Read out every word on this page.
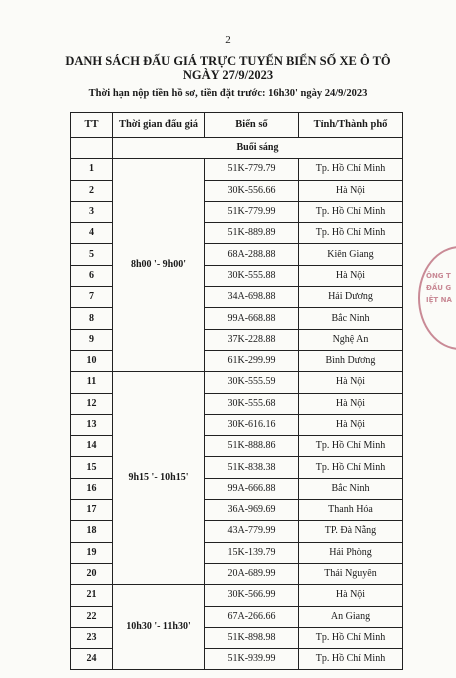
2
DANH SÁCH ĐẤU GIÁ TRỰC TUYẾN BIỂN SỐ XE Ô TÔ
NGÀY 27/9/2023
Thời hạn nộp tiền hồ sơ, tiền đặt trước: 16h30' ngày 24/9/2023
TT	Thời gian đấu giá	Biển số	Tỉnh/Thành phố
	Buổi sáng		
1	8h00 '- 9h00'	51K-779.79	Tp. Hồ Chí Minh
2		30K-556.66	Hà Nội
3		51K-779.99	Tp. Hồ Chí Minh
4		51K-889.89	Tp. Hồ Chí Minh
5		68A-288.88	Kiên Giang
6		30K-555.88	Hà Nội
7		34A-698.88	Hải Dương
8		99A-668.88	Bắc Ninh
9		37K-228.88	Nghệ An
10		61K-299.99	Bình Dương
11	9h15 '- 10h15'	30K-555.59	Hà Nội
12		30K-555.68	Hà Nội
13		30K-616.16	Hà Nội
14		51K-888.86	Tp. Hồ Chí Minh
15		51K-838.38	Tp. Hồ Chí Minh
16		99A-666.88	Bắc Ninh
17		36A-969.69	Thanh Hóa
18		43A-779.99	TP. Đà Nẵng
19		15K-139.79	Hải Phòng
20		20A-689.99	Thái Nguyên
21	10h30 '- 11h30'	30K-566.99	Hà Nội
22		67A-266.66	An Giang
23		51K-898.98	Tp. Hồ Chí Minh
24		51K-939.99	Tp. Hồ Chí Minh
ÔNG T
ĐẤU G
IỆT NA
